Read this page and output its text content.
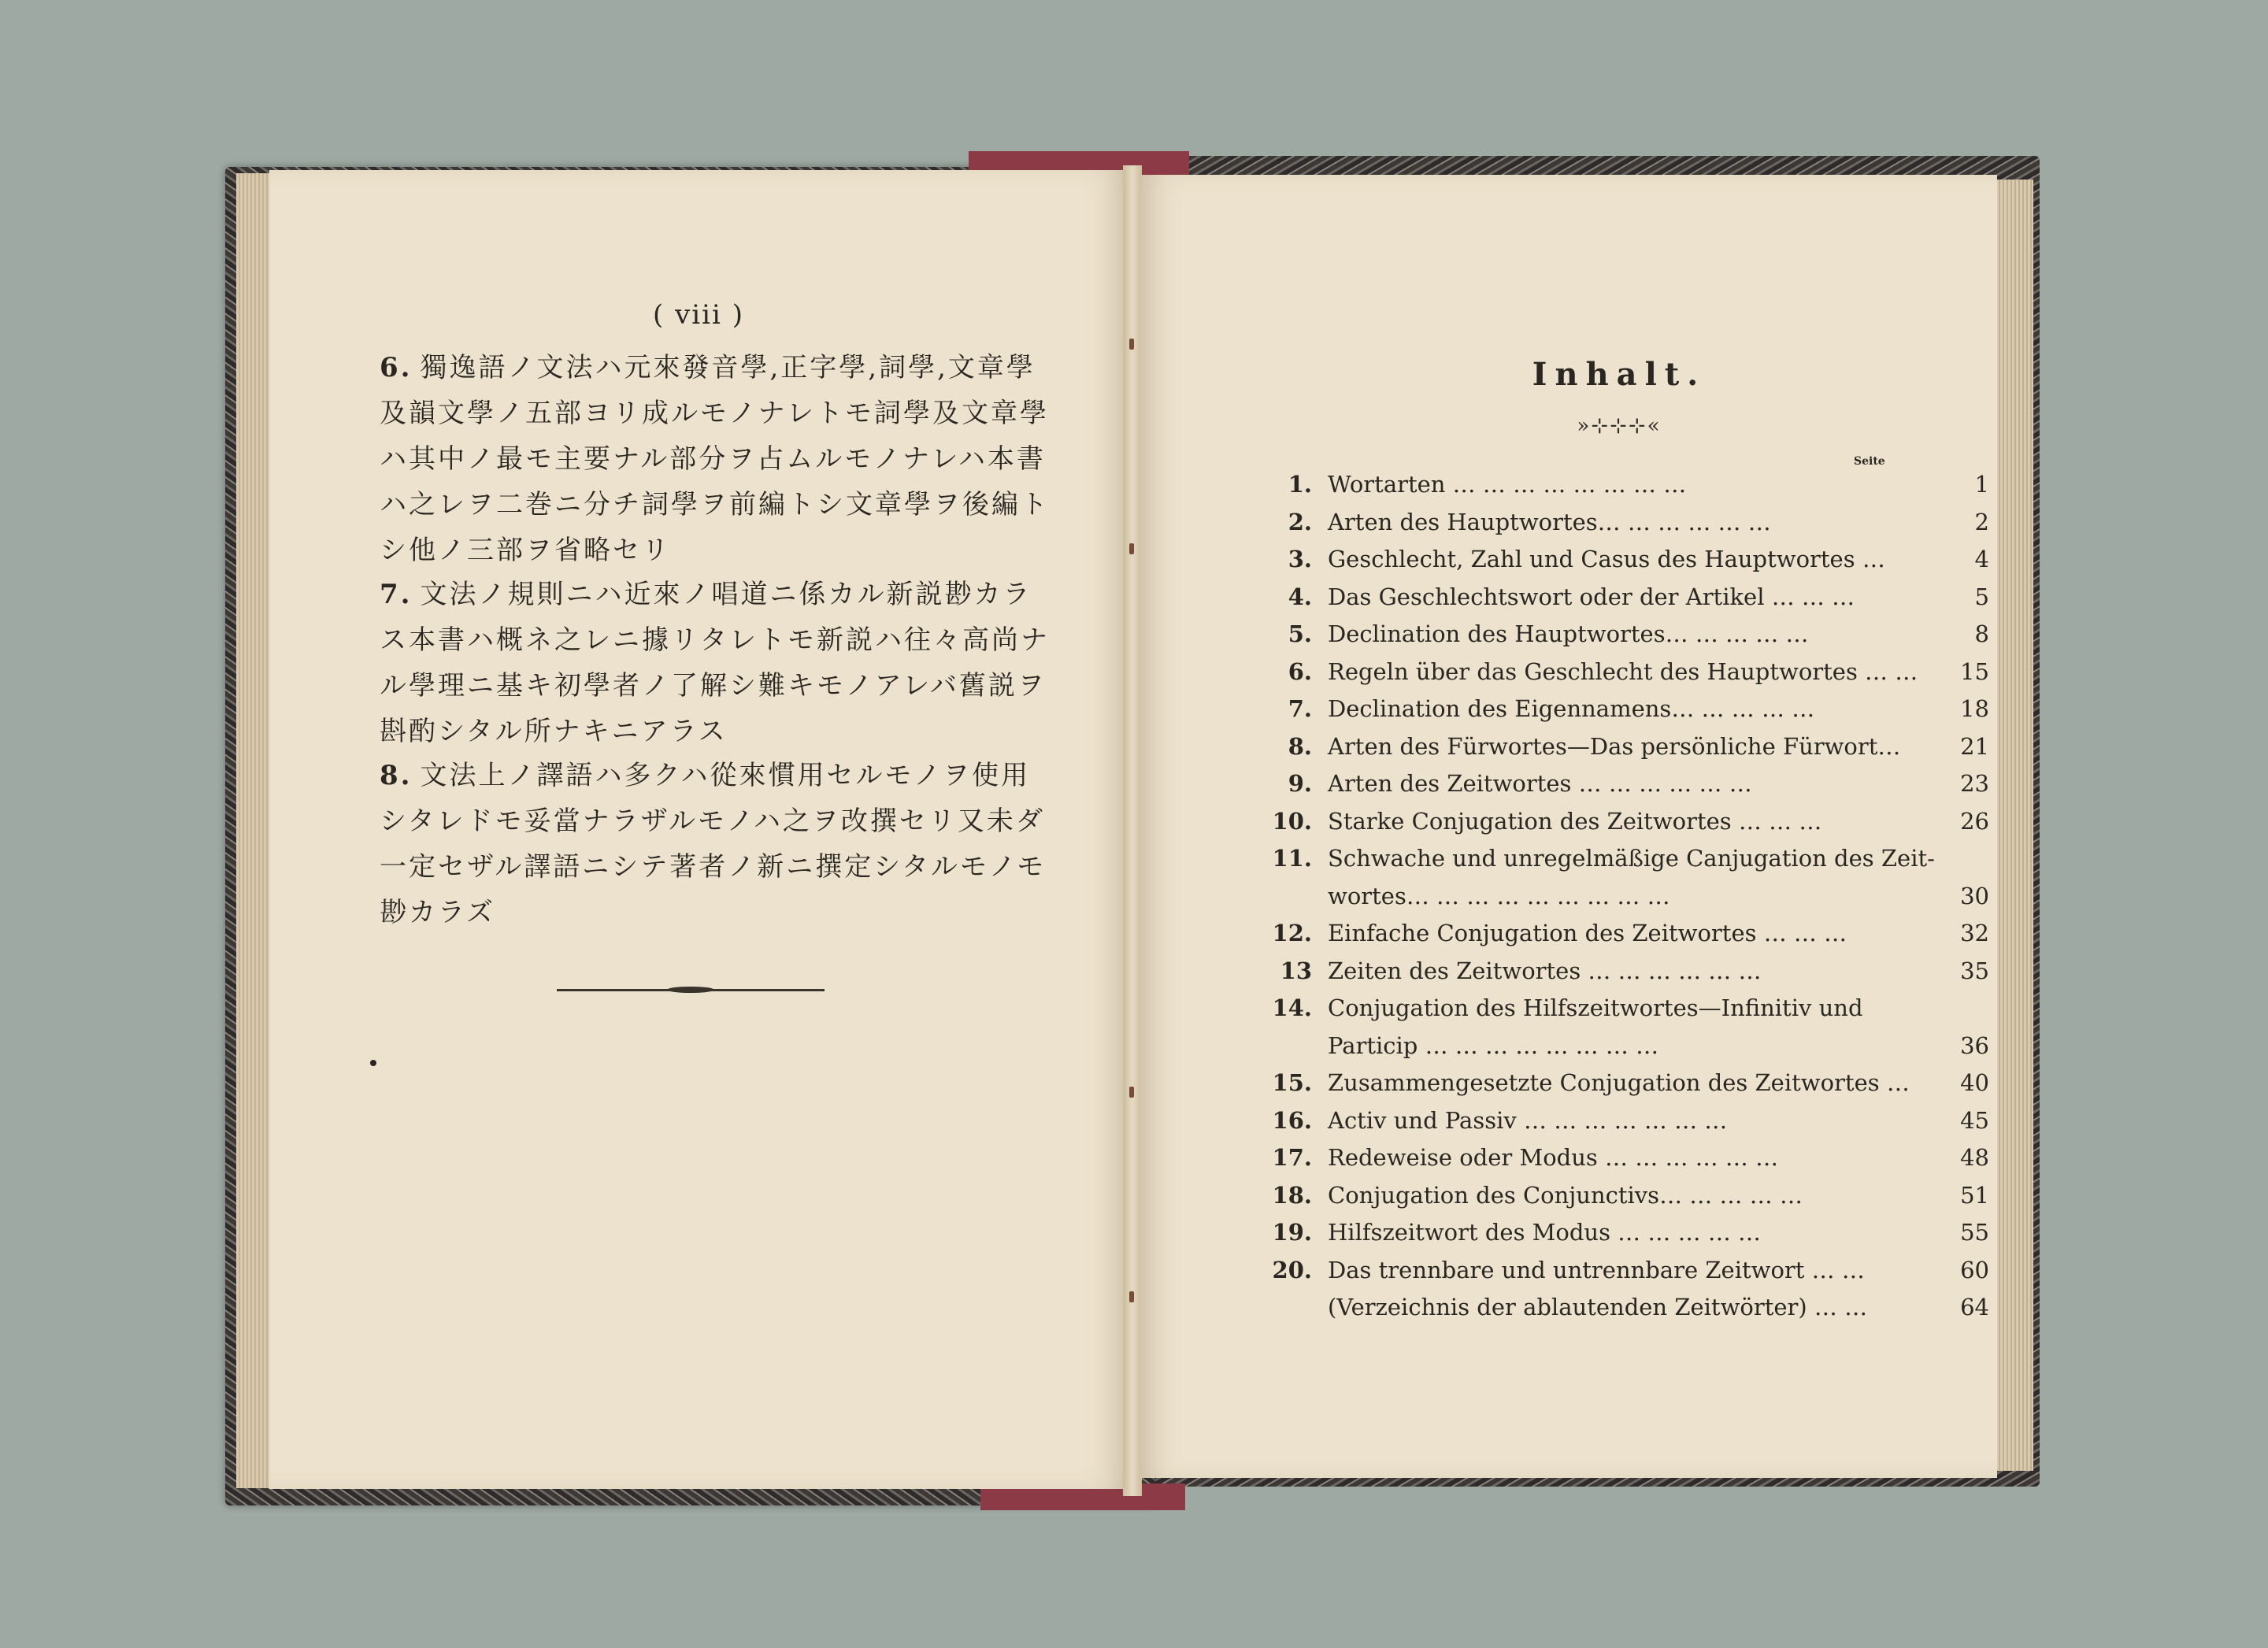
( viii )
6. 獨逸語ノ文法ハ元來發音學,正字學,詞學,文章學及韻文學ノ五部ヨリ成ルモノナレトモ詞學及文章學ハ其中ノ最モ主要ナル部分ヲ占ムルモノナレハ本書ハ之レヲ二巻ニ分チ詞學ヲ前編トシ文章學ヲ後編トシ他ノ三部ヲ省略セリ
7. 文法ノ規則ニハ近來ノ唱道ニ係カル新説尠カラス本書ハ概ネ之レニ據リタレトモ新説ハ往々高尚ナル學理ニ基キ初學者ノ了解シ難キモノアレバ舊説ヲ斟酌シタル所ナキニアラス
8. 文法上ノ譯語ハ多クハ從來慣用セルモノヲ使用シタレドモ妥當ナラザルモノハ之ヲ改撰セリ又未ダ一定セザル譯語ニシテ著者ノ新ニ撰定シタルモノモ尠カラズ
Inhalt.
»⊹⊹⊹«
Seite
1. Wortarten … … … … … … … …	1
2. Arten des Hauptwortes… … … … … …	2
3. Geschlecht, Zahl und Casus des Hauptwortes …	4
4. Das Geschlechtswort oder der Artikel … … …	5
5. Declination des Hauptwortes… … … … …	8
6. Regeln über das Geschlecht des Hauptwortes … …	15
7. Declination des Eigennamens… … … … …	18
8. Arten des Fürwortes—Das persönliche Fürwort…	21
9. Arten des Zeitwortes … … … … … …	23
10. Starke Conjugation des Zeitwortes … … …	26
11. Schwache und unregelmäßige Canjugation des Zeit-
wortes… … … … … … … … …	30
12. Einfache Conjugation des Zeitwortes … … …	32
13 Zeiten des Zeitwortes … … … … … …	35
14. Conjugation des Hilfszeitwortes—Infinitiv und
Particip … … … … … … … …	36
15. Zusammengesetzte Conjugation des Zeitwortes …	40
16. Activ und Passiv … … … … … … …	45
17. Redeweise oder Modus … … … … … …	48
18. Conjugation des Conjunctivs… … … … …	51
19. Hilfszeitwort des Modus … … … … …	55
20. Das trennbare und untrennbare Zeitwort … …	60
(Verzeichnis der ablautenden Zeitwörter) … …	64
